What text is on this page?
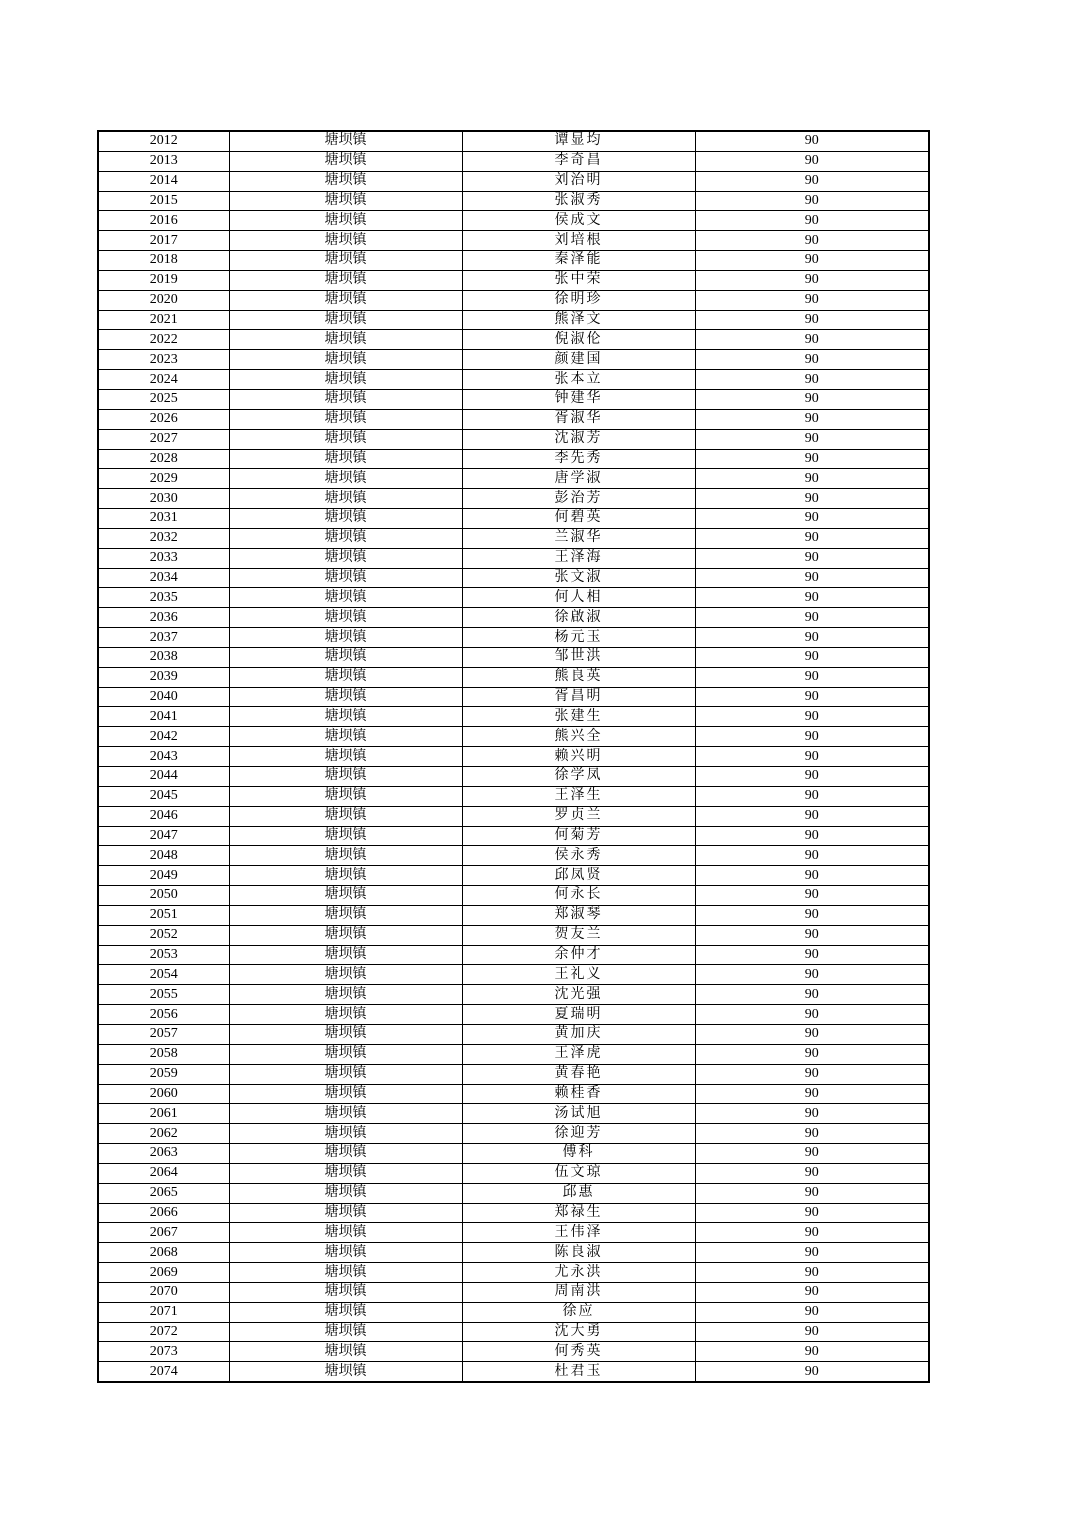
2012	塘坝镇	谭显均	90
2013	塘坝镇	李奇昌	90
2014	塘坝镇	刘治明	90
2015	塘坝镇	张淑秀	90
2016	塘坝镇	侯成文	90
2017	塘坝镇	刘培根	90
2018	塘坝镇	秦泽能	90
2019	塘坝镇	张中荣	90
2020	塘坝镇	徐明珍	90
2021	塘坝镇	熊泽文	90
2022	塘坝镇	倪淑伦	90
2023	塘坝镇	颜建国	90
2024	塘坝镇	张本立	90
2025	塘坝镇	钟建华	90
2026	塘坝镇	胥淑华	90
2027	塘坝镇	沈淑芳	90
2028	塘坝镇	李先秀	90
2029	塘坝镇	唐学淑	90
2030	塘坝镇	彭治芳	90
2031	塘坝镇	何碧英	90
2032	塘坝镇	兰淑华	90
2033	塘坝镇	王泽海	90
2034	塘坝镇	张文淑	90
2035	塘坝镇	何人相	90
2036	塘坝镇	徐啟淑	90
2037	塘坝镇	杨元玉	90
2038	塘坝镇	邹世洪	90
2039	塘坝镇	熊良英	90
2040	塘坝镇	胥昌明	90
2041	塘坝镇	张建生	90
2042	塘坝镇	熊兴全	90
2043	塘坝镇	赖兴明	90
2044	塘坝镇	徐学凤	90
2045	塘坝镇	王泽生	90
2046	塘坝镇	罗贞兰	90
2047	塘坝镇	何菊芳	90
2048	塘坝镇	侯永秀	90
2049	塘坝镇	邱凤贤	90
2050	塘坝镇	何永长	90
2051	塘坝镇	郑淑琴	90
2052	塘坝镇	贺友兰	90
2053	塘坝镇	余仲才	90
2054	塘坝镇	王礼义	90
2055	塘坝镇	沈光强	90
2056	塘坝镇	夏瑞明	90
2057	塘坝镇	黄加庆	90
2058	塘坝镇	王泽虎	90
2059	塘坝镇	黄春艳	90
2060	塘坝镇	赖桂香	90
2061	塘坝镇	汤试旭	90
2062	塘坝镇	徐迎芳	90
2063	塘坝镇	傅科	90
2064	塘坝镇	伍文琼	90
2065	塘坝镇	邱惠	90
2066	塘坝镇	郑禄生	90
2067	塘坝镇	王伟泽	90
2068	塘坝镇	陈良淑	90
2069	塘坝镇	尤永洪	90
2070	塘坝镇	周南洪	90
2071	塘坝镇	徐应	90
2072	塘坝镇	沈大勇	90
2073	塘坝镇	何秀英	90
2074	塘坝镇	杜君玉	90
